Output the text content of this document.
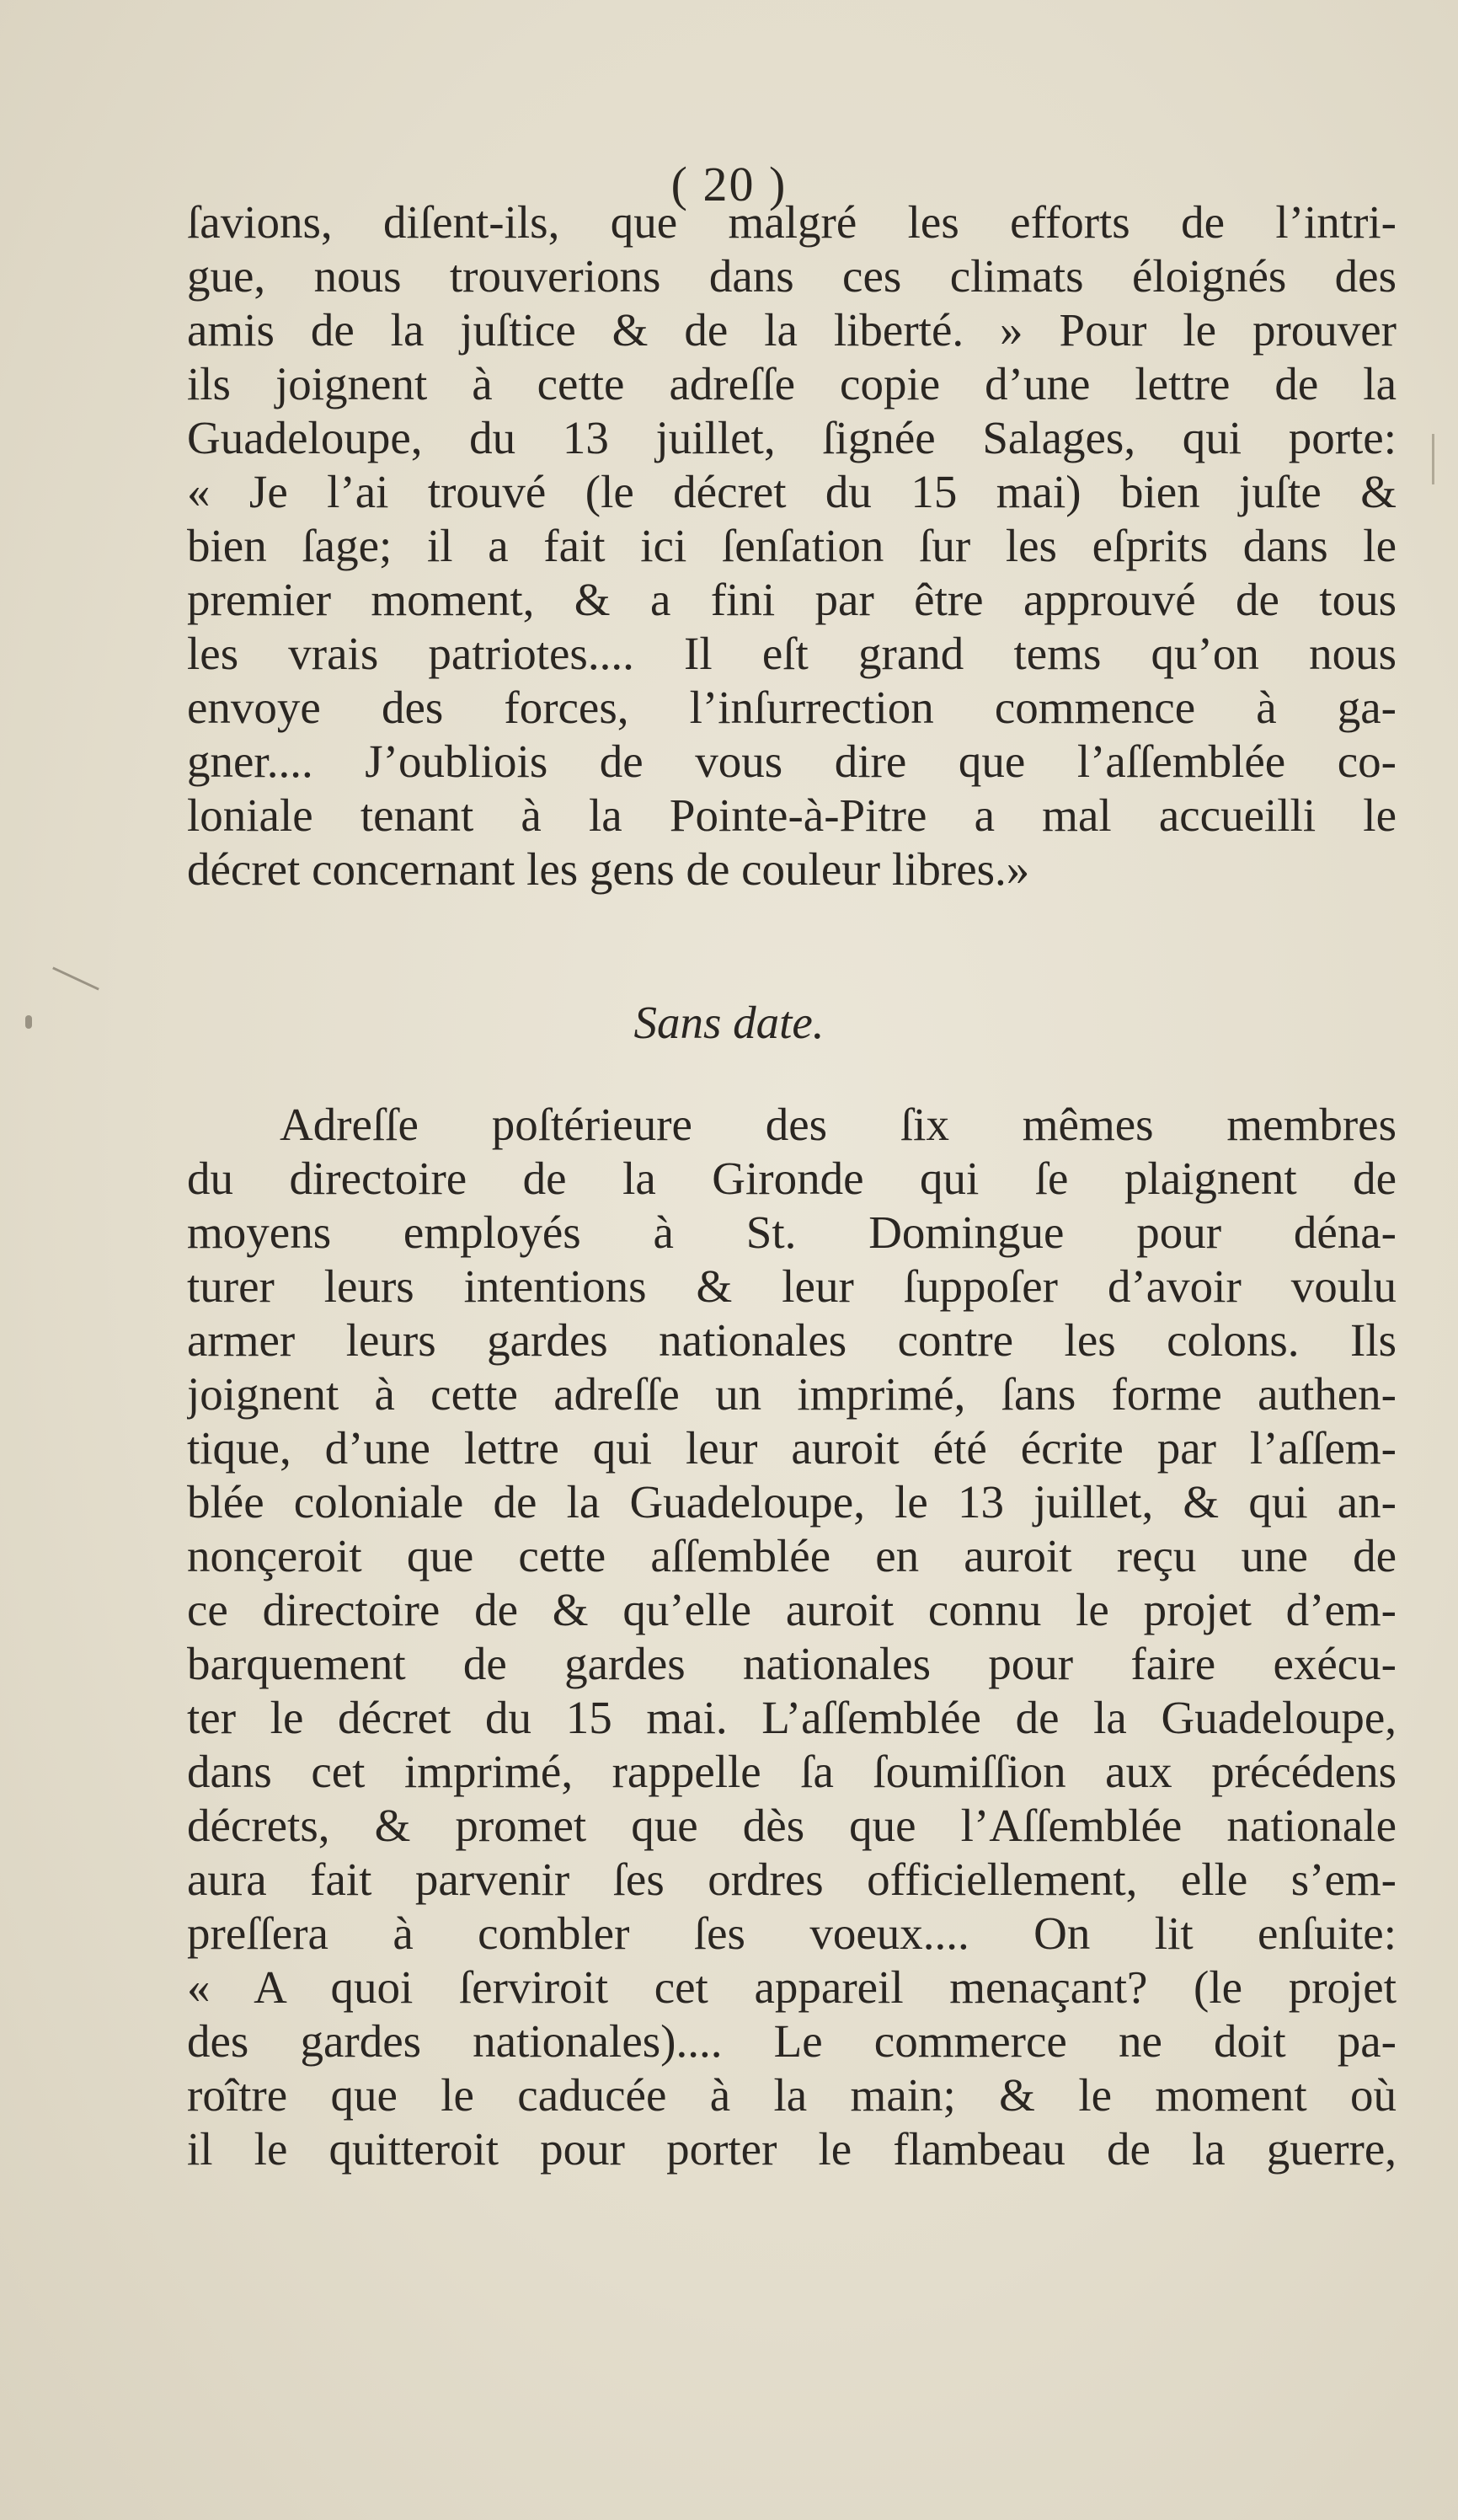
( 20 )
ſavions, diſent-ils, que malgré les efforts de l’intri-
gue, nous trouverions dans ces climats éloignés des
amis de la juſtice & de la liberté. » Pour le prouver
ils joignent à cette adreſſe copie d’une lettre de la
Guadeloupe, du 13 juillet, ſignée Salages, qui porte:
« Je l’ai trouvé (le décret du 15 mai) bien juſte &
bien ſage; il a fait ici ſenſation ſur les eſprits dans le
premier moment, & a fini par être approuvé de tous
les vrais patriotes.... Il eſt grand tems qu’on nous
envoye des forces, l’inſurrection commence à ga-
gner.... J’oubliois de vous dire que l’aſſemblée co-
loniale tenant à la Pointe-à-Pitre a mal accueilli le
décret concernant les gens de couleur libres.»
Sans date.
Adreſſe poſtérieure des ſix mêmes membres
du directoire de la Gironde qui ſe plaignent de
moyens employés à St. Domingue pour déna-
turer leurs intentions & leur ſuppoſer d’avoir voulu
armer leurs gardes nationales contre les colons. Ils
joignent à cette adreſſe un imprimé, ſans forme authen-
tique, d’une lettre qui leur auroit été écrite par l’aſſem-
blée coloniale de la Guadeloupe, le 13 juillet, & qui an-
nonçeroit que cette aſſemblée en auroit reçu une de
ce directoire de & qu’elle auroit connu le projet d’em-
barquement de gardes nationales pour faire exécu-
ter le décret du 15 mai. L’aſſemblée de la Guadeloupe,
dans cet imprimé, rappelle ſa ſoumiſſion aux précédens
décrets, & promet que dès que l’Aſſemblée nationale
aura fait parvenir ſes ordres officiellement, elle s’em-
preſſera à combler ſes voeux.... On lit enſuite:
« A quoi ſerviroit cet appareil menaçant? (le projet
des gardes nationales).... Le commerce ne doit pa-
roître que le caducée à la main; & le moment où
il le quitteroit pour porter le flambeau de la guerre,
